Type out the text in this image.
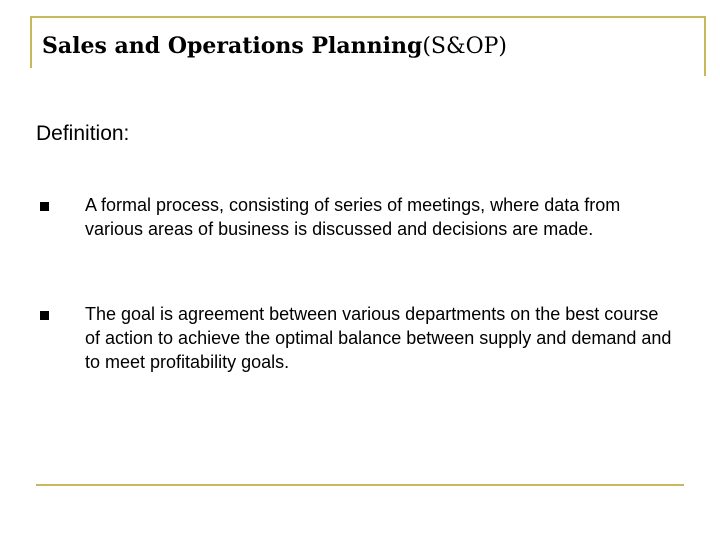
Sales and Operations Planning(S&OP)
Definition:
A formal process, consisting of series of meetings, where data from various areas of business is discussed and decisions are made.
The goal is agreement between various departments on the best course of action to achieve the optimal balance between supply and demand and to meet profitability goals.
